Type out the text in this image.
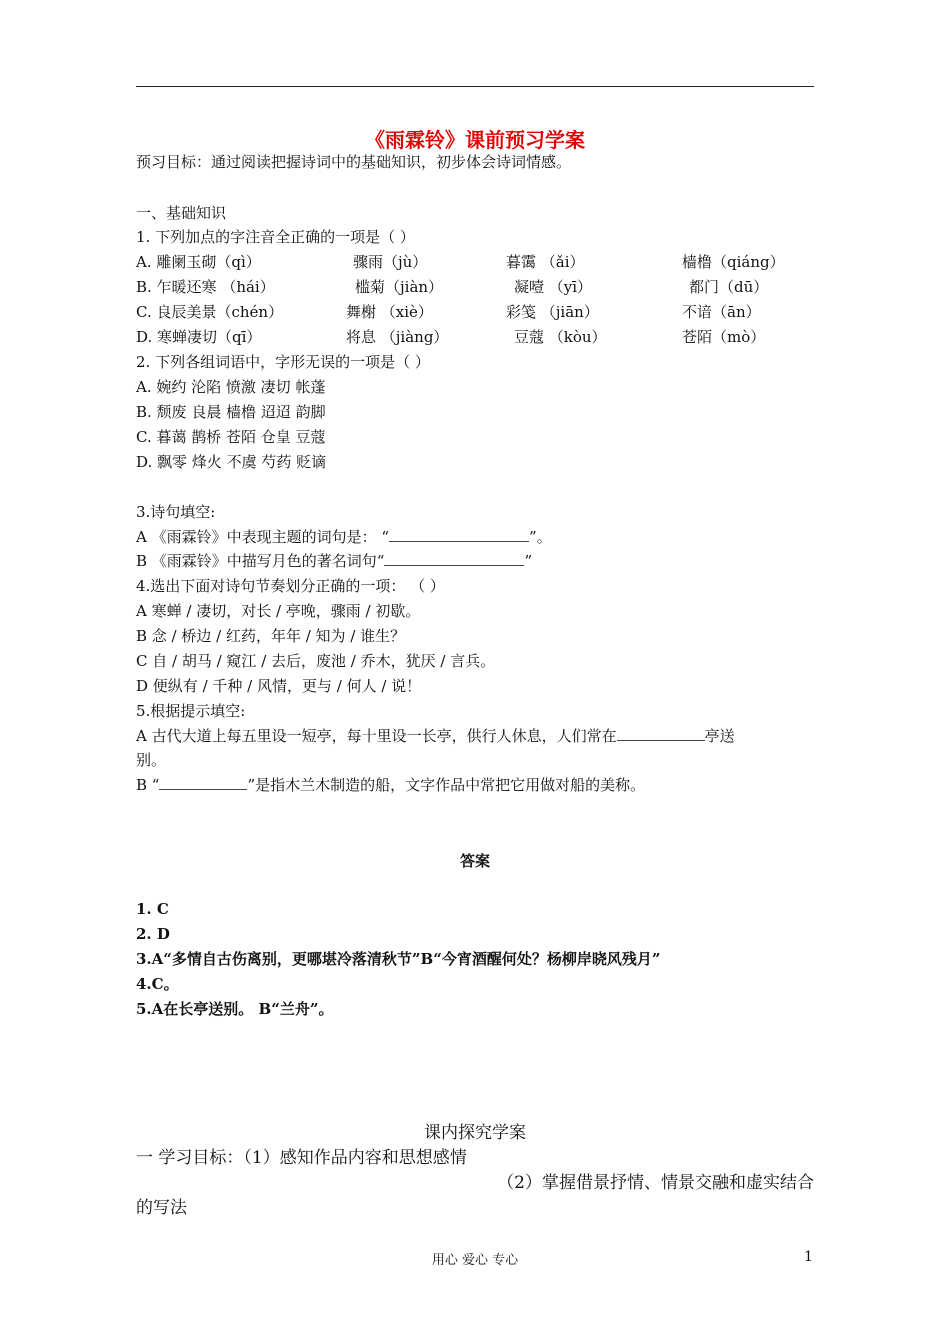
《雨霖铃》课前预习学案
预习目标：通过阅读把握诗词中的基础知识，初步体会诗词情感。
一、基础知识
1. 下列加点的字注音全正确的一项是（ ）
A. 雕阑玉砌（qì）	骤雨（jù）	暮霭 （ǎi）	樯橹（qiáng）
B. 乍暖还寒 （hái）	槛菊（jiàn）	凝噎 （yī）	都门（dū）
C. 良辰美景（chén）	舞榭 （xiè）	彩笺 （jiān）	不谙（ān）
D. 寒蝉凄切（qī）	将息 （jiàng）	豆蔻 （kòu）	苍陌（mò）
2. 下列各组词语中，字形无误的一项是（ ）
A. 婉约 沦陷 愤激 凄切 帐蓬
B. 颓废 良晨 樯橹 迢迢 韵脚
C. 暮蔼 鹊桥 苍陌 仓皇 豆蔻
D. 飘零 烽火 不虞 芍药 贬谪
3.诗句填空:
A 《雨霖铃》中表现主题的词句是： “	”。
B 《雨霖铃》中描写月色的著名词句“	”
4.选出下面对诗句节奏划分正确的一项： （ ）
A 寒蝉 / 凄切，对长 / 亭晚，骤雨 / 初歇。
B 念 / 桥边 / 红药，年年 / 知为 / 谁生？
C 自 / 胡马 / 窥江 / 去后，废池 / 乔木，犹厌 / 言兵。
D 便纵有 / 千种 / 风情，更与 / 何人 / 说！
5.根据提示填空:
A 古代大道上每五里设一短亭，每十里设一长亭，供行人休息，人们常在	亭送
别。
B “	”是指木兰木制造的船，文字作品中常把它用做对船的美称。
答案
1. C
2. D
3.A“多情自古伤离别，更哪堪冷落清秋节”B“今宵酒醒何处？杨柳岸晓风残月”
4.C。
5.A在长亭送别。 B“兰舟”。
课内探究学案
一 学习目标：（1）感知作品内容和思想感情
（2）掌握借景抒情、情景交融和虚实结合
的写法
用心 爱心 专心	1
